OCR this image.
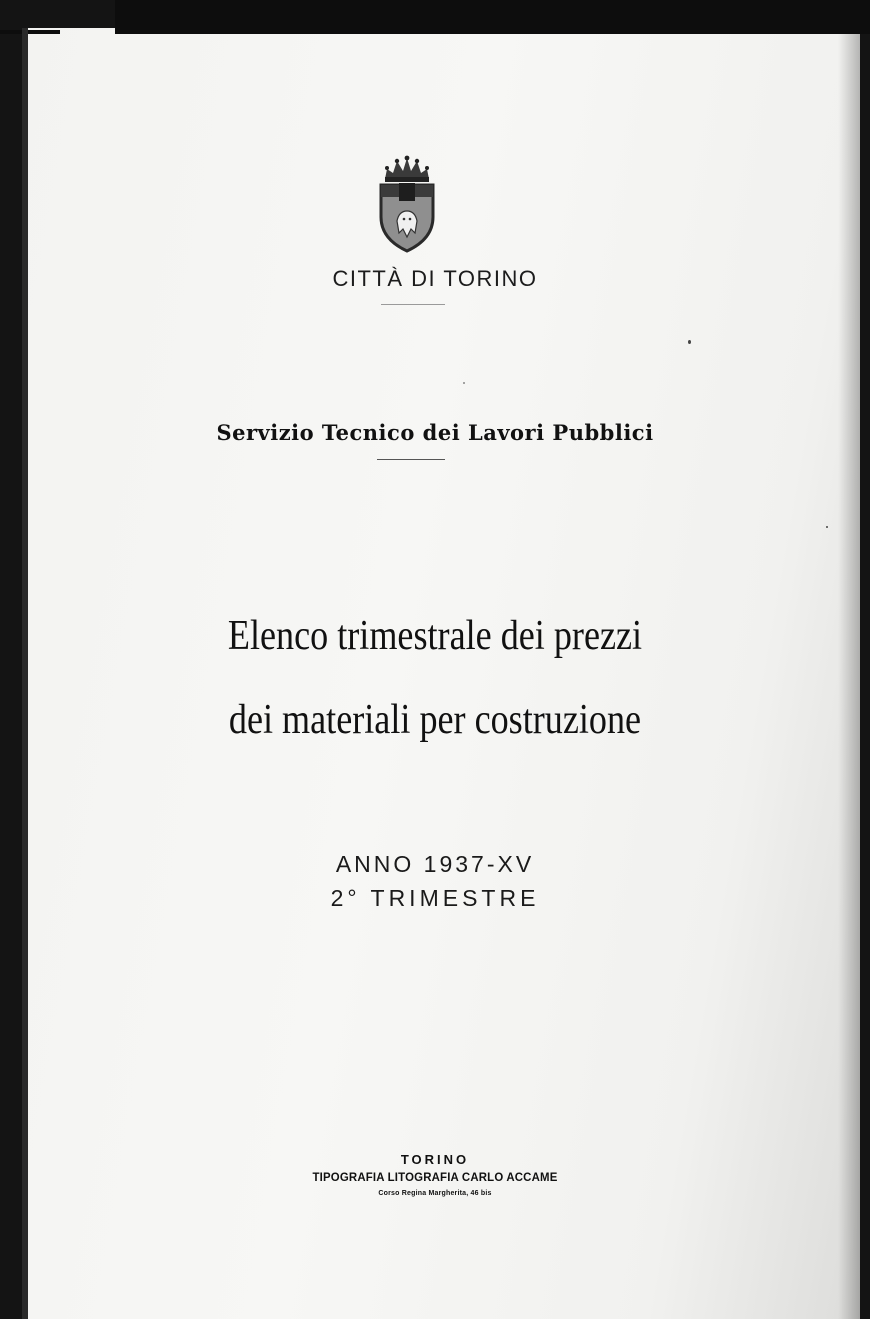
CITTÀ DI TORINO
Servizio Tecnico dei Lavori Pubblici
Elenco trimestrale dei prezzi
dei materiali per costruzione
ANNO 1937-XV
2° TRIMESTRE
TORINO
TIPOGRAFIA LITOGRAFIA CARLO ACCAME
Corso Regina Margherita, 46 bis
